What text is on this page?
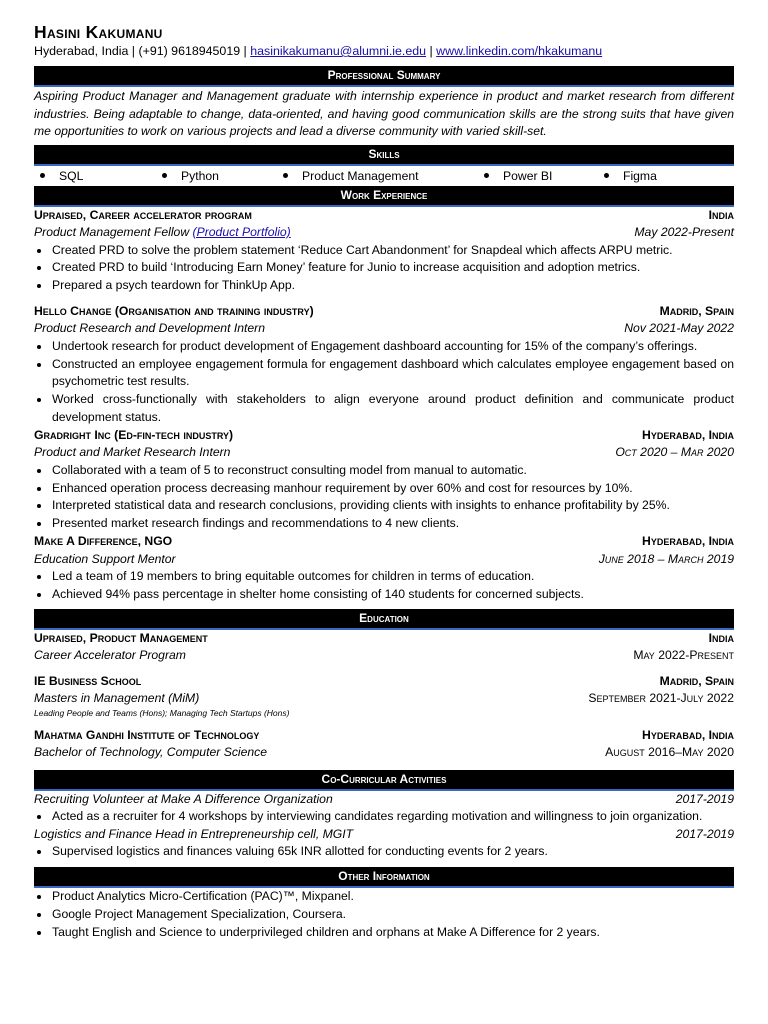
Hasini Kakumanu
Hyderabad, India | (+91) 9618945019 | hasinikakumanu@alumni.ie.edu | www.linkedin.com/hkakumanu
Professional Summary
Aspiring Product Manager and Management graduate with internship experience in product and market research from different industries. Being adaptable to change, data-oriented, and having good communication skills are the strong suits that have given me opportunities to work on various projects and lead a diverse community with varied skill-set.
Skills
SQL	Python	Product Management	Power BI	Figma
Work Experience
Upraised, Career accelerator program	India
Product Management Fellow (Product Portfolio)	May 2022-Present
Created PRD to solve the problem statement ‘Reduce Cart Abandonment’ for Snapdeal which affects ARPU metric.
Created PRD to build ‘Introducing Earn Money’ feature for Junio to increase acquisition and adoption metrics.
Prepared a psych teardown for ThinkUp App.
Hello Change (Organisation and training industry)	Madrid, Spain
Product Research and Development Intern	Nov 2021-May 2022
Undertook research for product development of Engagement dashboard accounting for 15% of the company’s offerings.
Constructed an employee engagement formula for engagement dashboard which calculates employee engagement based on psychometric test results.
Worked cross-functionally with stakeholders to align everyone around product definition and communicate product development status.
Gradright Inc (Ed-fin-tech industry)	Hyderabad, India
Product and Market Research Intern	Oct 2020 – Mar 2020
Collaborated with a team of 5 to reconstruct consulting model from manual to automatic.
Enhanced operation process decreasing manhour requirement by over 60% and cost for resources by 10%.
Interpreted statistical data and research conclusions, providing clients with insights to enhance profitability by 25%.
Presented market research findings and recommendations to 4 new clients.
Make A Difference, NGO	Hyderabad, India
Education Support Mentor	June 2018 – March 2019
Led a team of 19 members to bring equitable outcomes for children in terms of education.
Achieved 94% pass percentage in shelter home consisting of 140 students for concerned subjects.
Education
Upraised, Product Management	India
Career Accelerator Program	May 2022-Present
IE Business School	Madrid, Spain
Masters in Management (MiM)	September 2021-July 2022
Leading People and Teams (Hons); Managing Tech Startups (Hons)
Mahatma Gandhi Institute of Technology	Hyderabad, India
Bachelor of Technology, Computer Science	August 2016–May 2020
Co-Curricular Activities
Recruiting Volunteer at Make A Difference Organization	2017-2019
Acted as a recruiter for 4 workshops by interviewing candidates regarding motivation and willingness to join organization.
Logistics and Finance Head in Entrepreneurship cell, MGIT	2017-2019
Supervised logistics and finances valuing 65k INR allotted for conducting events for 2 years.
Other Information
Product Analytics Micro-Certification (PAC)™, Mixpanel.
Google Project Management Specialization, Coursera.
Taught English and Science to underprivileged children and orphans at Make A Difference for 2 years.
